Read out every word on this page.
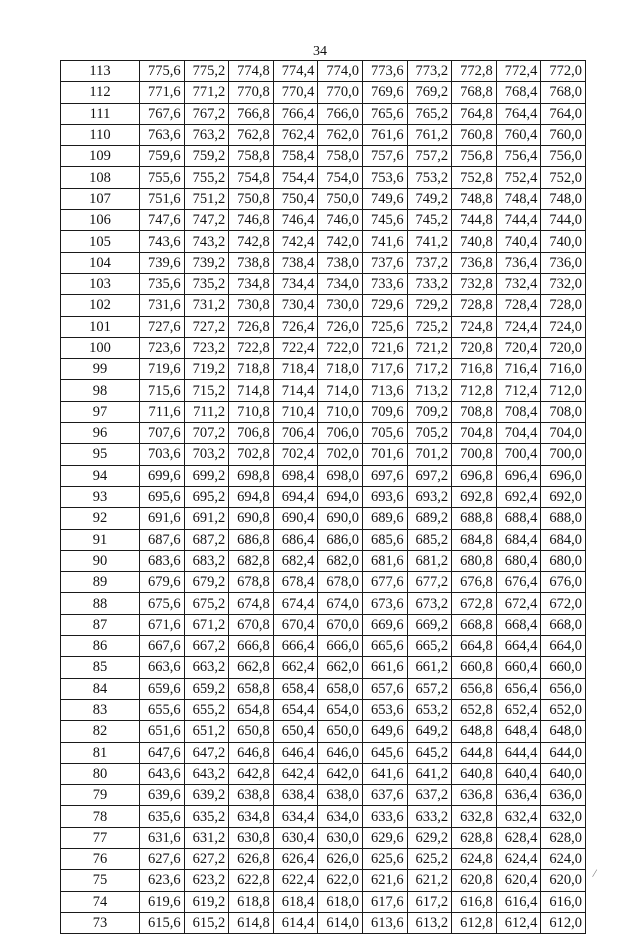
34
113	775,6	775,2	774,8	774,4	774,0	773,6	773,2	772,8	772,4	772,0
112	771,6	771,2	770,8	770,4	770,0	769,6	769,2	768,8	768,4	768,0
111	767,6	767,2	766,8	766,4	766,0	765,6	765,2	764,8	764,4	764,0
110	763,6	763,2	762,8	762,4	762,0	761,6	761,2	760,8	760,4	760,0
109	759,6	759,2	758,8	758,4	758,0	757,6	757,2	756,8	756,4	756,0
108	755,6	755,2	754,8	754,4	754,0	753,6	753,2	752,8	752,4	752,0
107	751,6	751,2	750,8	750,4	750,0	749,6	749,2	748,8	748,4	748,0
106	747,6	747,2	746,8	746,4	746,0	745,6	745,2	744,8	744,4	744,0
105	743,6	743,2	742,8	742,4	742,0	741,6	741,2	740,8	740,4	740,0
104	739,6	739,2	738,8	738,4	738,0	737,6	737,2	736,8	736,4	736,0
103	735,6	735,2	734,8	734,4	734,0	733,6	733,2	732,8	732,4	732,0
102	731,6	731,2	730,8	730,4	730,0	729,6	729,2	728,8	728,4	728,0
101	727,6	727,2	726,8	726,4	726,0	725,6	725,2	724,8	724,4	724,0
100	723,6	723,2	722,8	722,4	722,0	721,6	721,2	720,8	720,4	720,0
99	719,6	719,2	718,8	718,4	718,0	717,6	717,2	716,8	716,4	716,0
98	715,6	715,2	714,8	714,4	714,0	713,6	713,2	712,8	712,4	712,0
97	711,6	711,2	710,8	710,4	710,0	709,6	709,2	708,8	708,4	708,0
96	707,6	707,2	706,8	706,4	706,0	705,6	705,2	704,8	704,4	704,0
95	703,6	703,2	702,8	702,4	702,0	701,6	701,2	700,8	700,4	700,0
94	699,6	699,2	698,8	698,4	698,0	697,6	697,2	696,8	696,4	696,0
93	695,6	695,2	694,8	694,4	694,0	693,6	693,2	692,8	692,4	692,0
92	691,6	691,2	690,8	690,4	690,0	689,6	689,2	688,8	688,4	688,0
91	687,6	687,2	686,8	686,4	686,0	685,6	685,2	684,8	684,4	684,0
90	683,6	683,2	682,8	682,4	682,0	681,6	681,2	680,8	680,4	680,0
89	679,6	679,2	678,8	678,4	678,0	677,6	677,2	676,8	676,4	676,0
88	675,6	675,2	674,8	674,4	674,0	673,6	673,2	672,8	672,4	672,0
87	671,6	671,2	670,8	670,4	670,0	669,6	669,2	668,8	668,4	668,0
86	667,6	667,2	666,8	666,4	666,0	665,6	665,2	664,8	664,4	664,0
85	663,6	663,2	662,8	662,4	662,0	661,6	661,2	660,8	660,4	660,0
84	659,6	659,2	658,8	658,4	658,0	657,6	657,2	656,8	656,4	656,0
83	655,6	655,2	654,8	654,4	654,0	653,6	653,2	652,8	652,4	652,0
82	651,6	651,2	650,8	650,4	650,0	649,6	649,2	648,8	648,4	648,0
81	647,6	647,2	646,8	646,4	646,0	645,6	645,2	644,8	644,4	644,0
80	643,6	643,2	642,8	642,4	642,0	641,6	641,2	640,8	640,4	640,0
79	639,6	639,2	638,8	638,4	638,0	637,6	637,2	636,8	636,4	636,0
78	635,6	635,2	634,8	634,4	634,0	633,6	633,2	632,8	632,4	632,0
77	631,6	631,2	630,8	630,4	630,0	629,6	629,2	628,8	628,4	628,0
76	627,6	627,2	626,8	626,4	626,0	625,6	625,2	624,8	624,4	624,0
75	623,6	623,2	622,8	622,4	622,0	621,6	621,2	620,8	620,4	620,0
74	619,6	619,2	618,8	618,4	618,0	617,6	617,2	616,8	616,4	616,0
73	615,6	615,2	614,8	614,4	614,0	613,6	613,2	612,8	612,4	612,0
/
